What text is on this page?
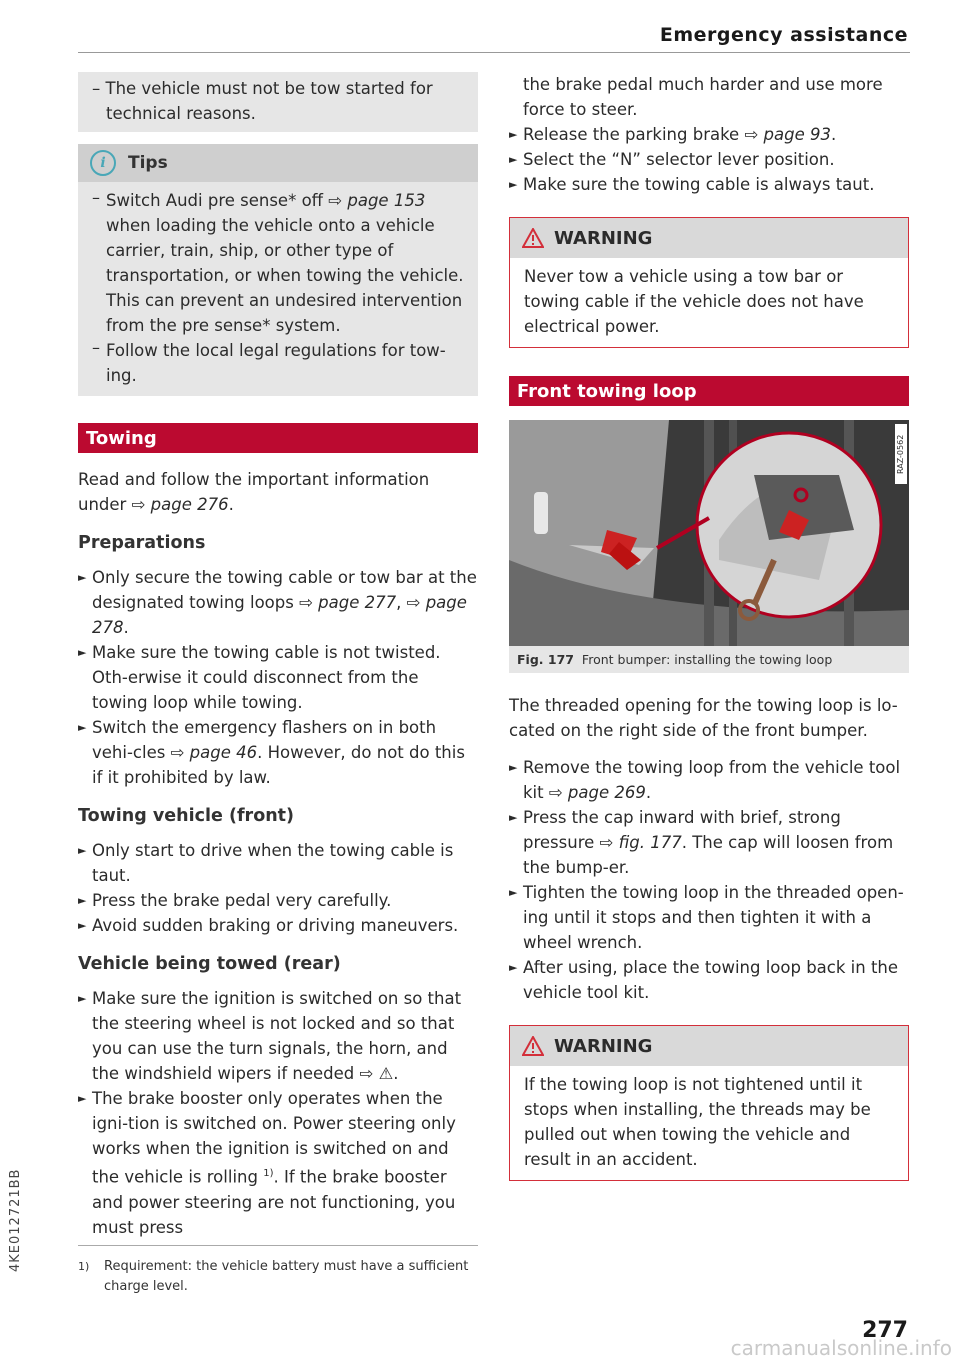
Emergency assistance

– The vehicle must not be tow started for

technical reasons.

i	Tips
– Switch Audi pre sense* off ⇨ page 153 when loading the vehicle onto a vehicle carrier, train, ship, or other type of transportation, or when towing the vehicle. This can prevent an undesired intervention from the pre sense* system.

– Follow the local legal regulations for tow-ing.

Towing

Read and follow the important information under ⇨ page 276.

Preparations
► Only secure the towing cable or tow bar at the designated towing loops ⇨ page 277, ⇨ page 278.

► Make sure the towing cable is not twisted. Oth-erwise it could disconnect from the towing loop while towing.

► Switch the emergency flashers on in both vehi-cles ⇨ page 46. However, do not do this if it prohibited by law.

Towing vehicle (front)
► Only start to drive when the towing cable is taut.

► Press the brake pedal very carefully.

► Avoid sudden braking or driving maneuvers.

Vehicle being towed (rear)
► Make sure the ignition is switched on so that the steering wheel is not locked and so that you can use the turn signals, the horn, and the windshield wipers if needed ⇨ ⚠.

► The brake booster only operates when the igni-tion is switched on. Power steering only works when the ignition is switched on and the vehicle is rolling $^{1)}$. If the brake booster and power steering are not functioning, you must press

the brake pedal much harder and use more force to steer.

► Release the parking brake ⇨ page 93.

► Select the “N” selector lever position.

► Make sure the towing cable is always taut.

WARNING

Never tow a vehicle using a tow bar or towing cable if the vehicle does not have electrical power.

Front towing loop
RAZ-0562
Fig. 177 Front bumper: installing the towing loop

The threaded opening for the towing loop is lo-cated on the right side of the front bumper.

► Remove the towing loop from the vehicle tool kit ⇨ page 269.

► Press the cap inward with brief, strong pressure ⇨ fig. 177. The cap will loosen from the bump-er.

► Tighten the towing loop in the threaded open-ing until it stops and then tighten it with a wheel wrench.

► After using, place the towing loop back in the vehicle tool kit.

WARNING

If the towing loop is not tightened until it stops when installing, the threads may be pulled out when towing the vehicle and result in an accident.

1)	Requirement: the vehicle battery must have a sufficient charge level.
4KE012721BB
277
carmanualsonline.info
